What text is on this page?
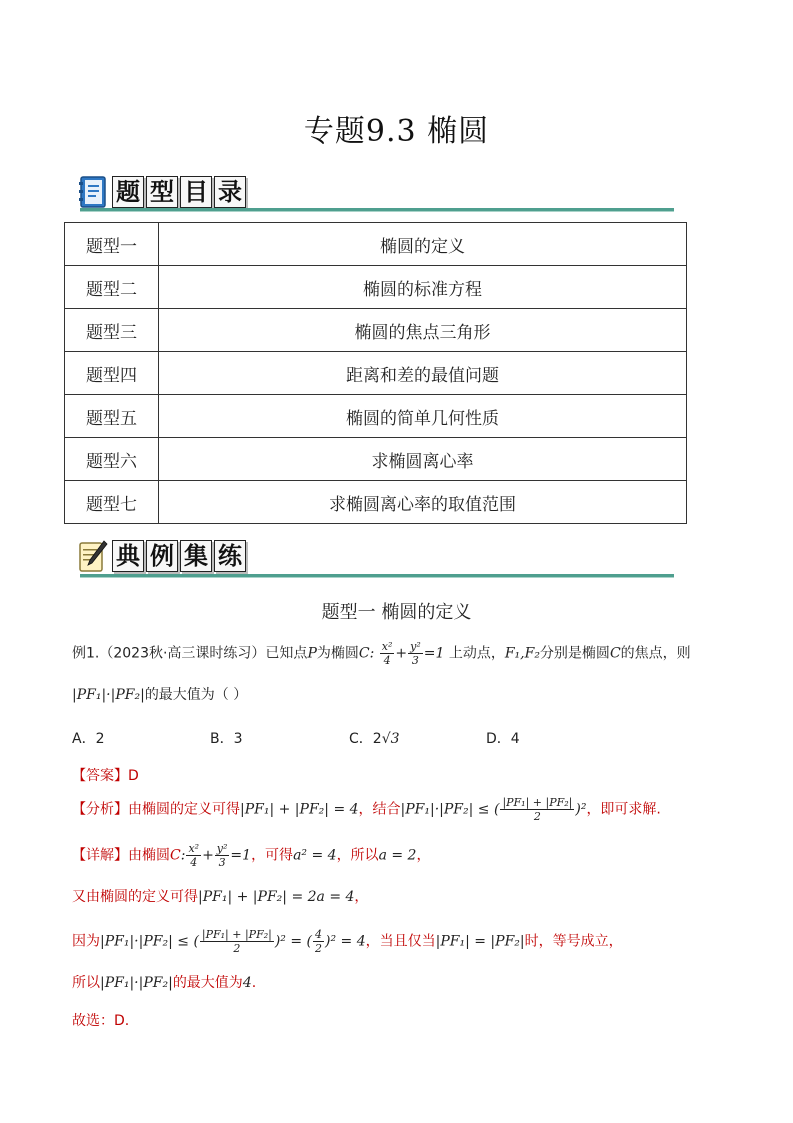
专题9.3 椭圆
题 型 目 录
题型一	椭圆的定义
题型二	椭圆的标准方程
题型三	椭圆的焦点三角形
题型四	距离和差的最值问题
题型五	椭圆的简单几何性质
题型六	求椭圆离心率
题型七	求椭圆离心率的取值范围
典 例 集 练
题型一 椭圆的定义
例1.（2023秋·高三课时练习）已知点P为椭圆C: $\frac{\text{x²}}{4} + \frac{\text{y²}}{3} =1$ 上动点，F₁,F₂分别是椭圆C的焦点，则
|PF₁|·|PF₂|的最大值为（ ）
A．2	B．3	C．2√3	D．4
【答案】D
【分析】由椭圆的定义可得|PF₁| + |PF₂| = 4，结合|PF₁|·|PF₂| ≤ ( $\frac{\text{|PF₁| + |PF₂|}}{2} )^2$，即可求解.
【详解】由椭圆C: $\frac{\text{x²}}{4} + \frac{\text{y²}}{3} =1$，可得a² = 4，所以a = 2，
又由椭圆的定义可得|PF₁| + |PF₂| = 2a = 4，
因为|PF₁|·|PF₂| ≤ ( $\frac{\text{|PF₁| + |PF₂|}}{2} )^2$ = ( $\frac{4}{2} )^2 = 4$，当且仅当|PF₁| = |PF₂|时，等号成立，
所以|PF₁|·|PF₂|的最大值为4.
故选：D.
